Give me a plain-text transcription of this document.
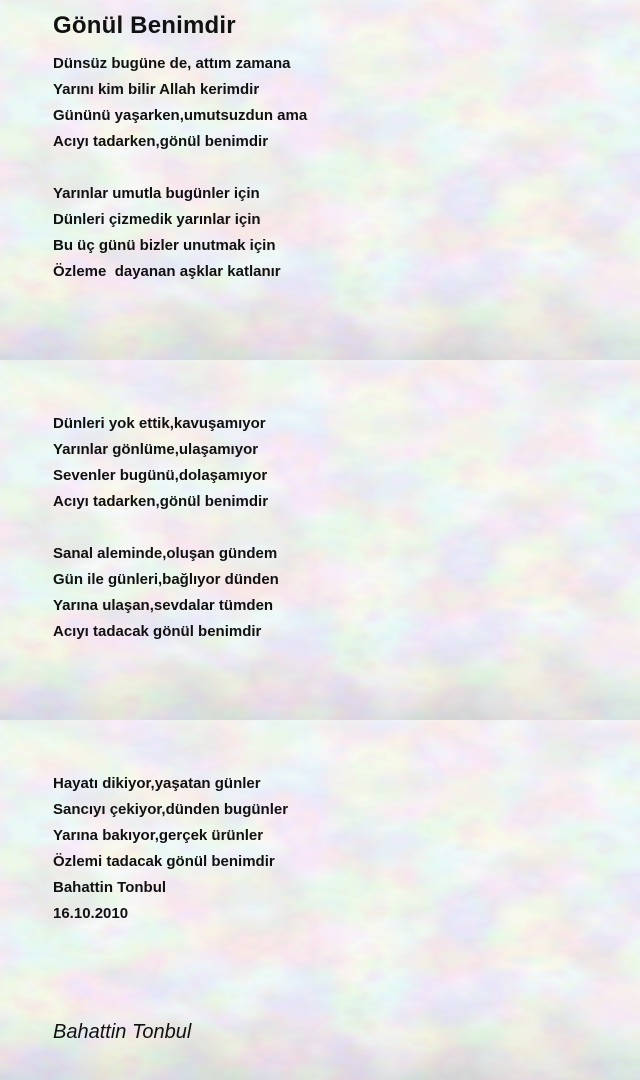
Gönül Benimdir
Dünsüz bugüne de, attım zamana
Yarını kim bilir Allah kerimdir
Gününü yaşarken,umutsuzdun ama
Acıyı tadarken,gönül benimdir
Yarınlar umutla bugünler için
Dünleri çizmedik yarınlar için
Bu üç günü bizler unutmak için
Özleme  dayanan aşklar katlanır
Dünleri yok ettik,kavuşamıyor
Yarınlar gönlüme,ulaşamıyor
Sevenler bugünü,dolaşamıyor
Acıyı tadarken,gönül benimdir
Sanal aleminde,oluşan gündem
Gün ile günleri,bağlıyor dünden
Yarına ulaşan,sevdalar tümden
Acıyı tadacak gönül benimdir
Hayatı dikiyor,yaşatan günler
Sancıyı çekiyor,dünden bugünler
Yarına bakıyor,gerçek ürünler
Özlemi tadacak gönül benimdir
Bahattin Tonbul
16.10.2010
Bahattin Tonbul
